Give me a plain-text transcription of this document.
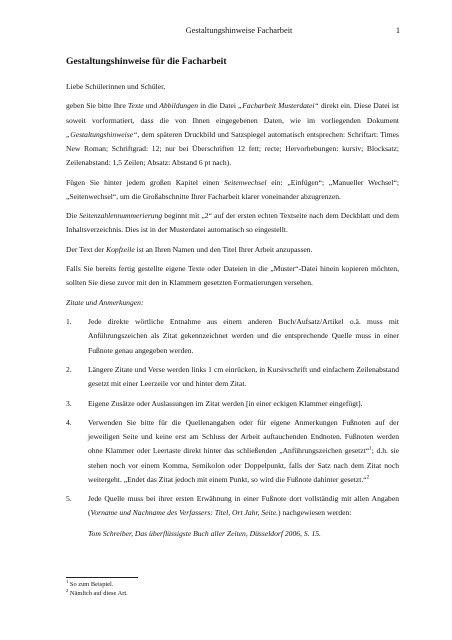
Gestaltungshinweise Facharbeit	1
Gestaltungshinweise für die Facharbeit

Liebe Schülerinnen und Schüler,

geben Sie bitte Ihre Texte und Abbildungen in die Datei „Facharbeit Musterdatei“ direkt ein. Diese Datei ist soweit vorformatiert, dass die von Ihnen eingegebenen Daten, wie im vorliegenden Dokument „Gestaltungshinweise“, dem späteren Druckbild und Satzspiegel automatisch entsprechen: Schriftart: Times New Roman; Schriftgrad: 12; nur bei Überschriften 12 fett; recte; Hervorhebungen: kursiv; Blocksatz; Zeilenabstand: 1,5 Zeilen; Absatz: Abstand 6 pt nach).

Fügen Sie hinter jedem großen Kapitel einen Seitenwechsel ein: „Einfügen“; „Manueller Wechsel“; „Seitenwechsel“, um die Großabschnitte Ihrer Facharbeit klarer voneinander abzugrenzen.

Die Seitenzahlennummerierung beginnt mit „2“ auf der ersten echten Textseite nach dem Deckblatt und dem Inhaltsverzeichnis. Dies ist in der Musterdatei automatisch so eingestellt.

Der Text der Kopfzeile ist an Ihren Namen und den Titel Ihrer Arbeit anzupassen.

Falls Sie bereits fertig gestellte eigene Texte oder Dateien in die „Muster“-Datei hinein kopieren möchten, sollten Sie diese zuvor mit den in Klammern gesetzten Formatierungen versehen.

Zitate und Anmerkungen:

1. Jede direkte wörtliche Entnahme aus einem anderen Buch/Aufsatz/Artikel o.ä. muss mit Anführungszeichen als Zitat gekennzeichnet werden und die entsprechende Quelle muss in einer Fußnote genau angegeben werden.
2. Längere Zitate und Verse werden links 1 cm einrücken, in Kursivschrift und einfachem Zeilenabstand gesetzt mit einer Leerzeile vor und hinter dem Zitat.
3. Eigene Zusätze oder Auslassungen im Zitat werden [in einer eckigen Klammer eingefügt].
4. Verwenden Sie bitte für die Quellenangaben oder für eigene Anmerkungen Fußnoten auf der jeweiligen Seite und keine erst am Schluss der Arbeit auftauchenden Endnoten. Fußnoten werden ohne Klammer oder Leertaste direkt hinter das schließenden „Anführungszeichen gesetzt“$^1$; d.h. sie stehen noch vor einem Komma, Semikolon oder Doppelpunkt, falls der Satz nach dem Zitat noch weitergeht. „Endet das Zitat jedoch mit einem Punkt, so wird die Fußnote dahinter gesetzt.“$^2$
5. Jede Quelle muss bei ihrer ersten Erwähnung in einer Fußnote dort vollständig mit allen Angaben (Vorname und Nachname des Verfassers: Titel, Ort Jahr, Seite.) nachgewiesen werden:
Tom Schreiber, Das überflüssigste Buch aller Zeiten, Düsseldorf 2006, S. 15.
$^1$ So zum Beispiel.
$^2$ Nämlich auf diese Art.
